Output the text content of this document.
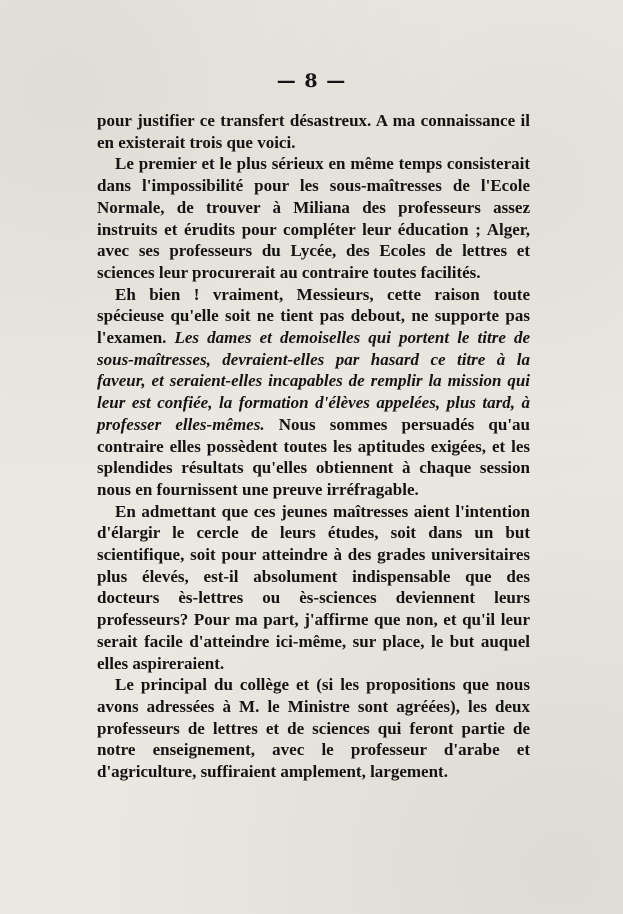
— 8 —

pour justifier ce transfert désastreux. A ma connaissance il en existerait trois que voici.

Le premier et le plus sérieux en même temps consisterait dans l'impossibilité pour les sous-maîtresses de l'Ecole Normale, de trouver à Miliana des professeurs assez instruits et érudits pour compléter leur éducation ; Alger, avec ses professeurs du Lycée, des Ecoles de lettres et sciences leur procurerait au contraire toutes facilités.

Eh bien ! vraiment, Messieurs, cette raison toute spécieuse qu'elle soit ne tient pas debout, ne supporte pas l'examen. Les dames et demoiselles qui portent le titre de sous-maîtresses, devraient-elles par hasard ce titre à la faveur, et seraient-elles incapables de remplir la mission qui leur est confiée, la formation d'élèves appelées, plus tard, à professer elles-mêmes. Nous sommes persuadés qu'au contraire elles possèdent toutes les aptitudes exigées, et les splendides résultats qu'elles obtiennent à chaque session nous en fournissent une preuve irréfragable.

En admettant que ces jeunes maîtresses aient l'intention d'élargir le cercle de leurs études, soit dans un but scientifique, soit pour atteindre à des grades universitaires plus élevés, est-il absolument indispensable que des docteurs ès-lettres ou ès-sciences deviennent leurs professeurs? Pour ma part, j'affirme que non, et qu'il leur serait facile d'atteindre ici-même, sur place, le but auquel elles aspireraient.

Le principal du collège et (si les propositions que nous avons adressées à M. le Ministre sont agréées), les deux professeurs de lettres et de sciences qui feront partie de notre enseignement, avec le professeur d'arabe et d'agriculture, suffiraient amplement, largement.
